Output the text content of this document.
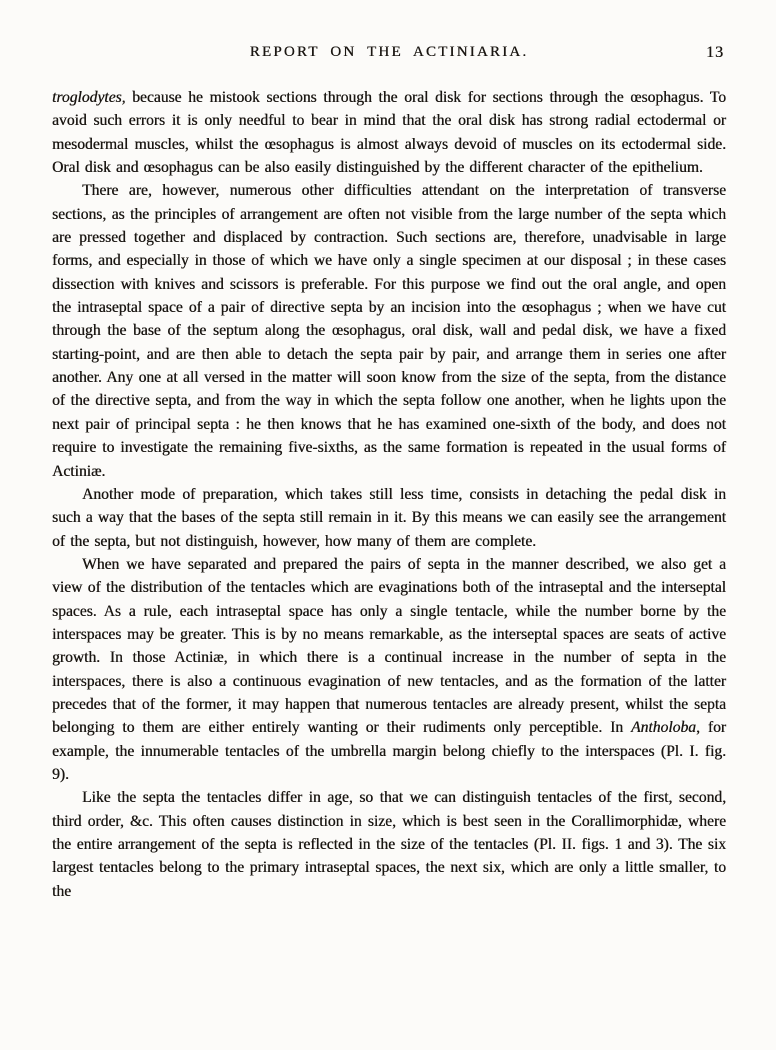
REPORT ON THE ACTINIARIA.	13

troglodytes, because he mistook sections through the oral disk for sections through the œsophagus. To avoid such errors it is only needful to bear in mind that the oral disk has strong radial ectodermal or mesodermal muscles, whilst the œsophagus is almost always devoid of muscles on its ectodermal side. Oral disk and œsophagus can be also easily distinguished by the different character of the epithelium.

There are, however, numerous other difficulties attendant on the interpretation of transverse sections, as the principles of arrangement are often not visible from the large number of the septa which are pressed together and displaced by contraction. Such sections are, therefore, unadvisable in large forms, and especially in those of which we have only a single specimen at our disposal ; in these cases dissection with knives and scissors is preferable. For this purpose we find out the oral angle, and open the intraseptal space of a pair of directive septa by an incision into the œsophagus ; when we have cut through the base of the septum along the œsophagus, oral disk, wall and pedal disk, we have a fixed starting-point, and are then able to detach the septa pair by pair, and arrange them in series one after another. Any one at all versed in the matter will soon know from the size of the septa, from the distance of the directive septa, and from the way in which the septa follow one another, when he lights upon the next pair of principal septa : he then knows that he has examined one-sixth of the body, and does not require to investigate the remaining five-sixths, as the same formation is repeated in the usual forms of Actiniæ.

Another mode of preparation, which takes still less time, consists in detaching the pedal disk in such a way that the bases of the septa still remain in it. By this means we can easily see the arrangement of the septa, but not distinguish, however, how many of them are complete.

When we have separated and prepared the pairs of septa in the manner described, we also get a view of the distribution of the tentacles which are evaginations both of the intraseptal and the interseptal spaces. As a rule, each intraseptal space has only a single tentacle, while the number borne by the interspaces may be greater. This is by no means remarkable, as the interseptal spaces are seats of active growth. In those Actiniæ, in which there is a continual increase in the number of septa in the interspaces, there is also a continuous evagination of new tentacles, and as the formation of the latter precedes that of the former, it may happen that numerous tentacles are already present, whilst the septa belonging to them are either entirely wanting or their rudiments only perceptible. In Antholoba, for example, the innumerable tentacles of the umbrella margin belong chiefly to the interspaces (Pl. I. fig. 9).

Like the septa the tentacles differ in age, so that we can distinguish tentacles of the first, second, third order, &c. This often causes distinction in size, which is best seen in the Corallimorphidæ, where the entire arrangement of the septa is reflected in the size of the tentacles (Pl. II. figs. 1 and 3). The six largest tentacles belong to the primary intraseptal spaces, the next six, which are only a little smaller, to the
